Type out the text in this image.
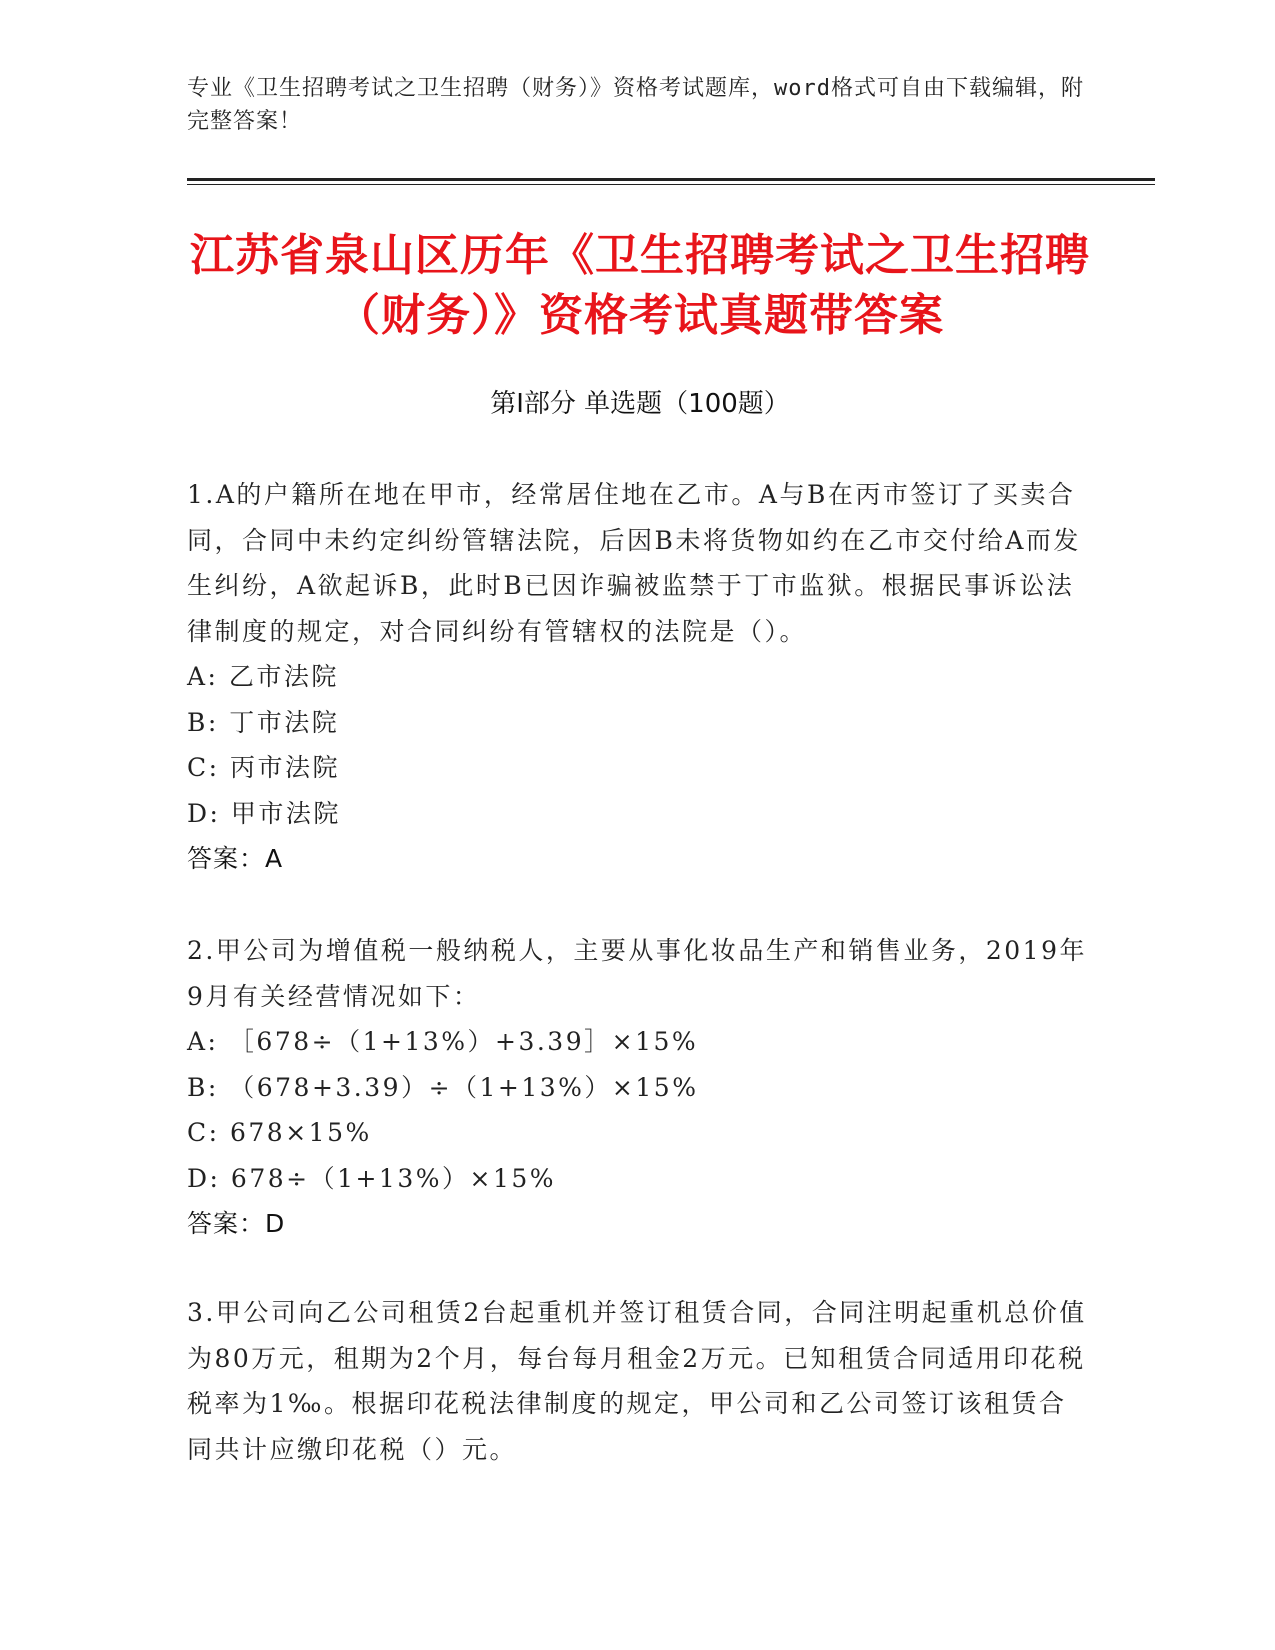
专业《卫生招聘考试之卫生招聘（财务）》资格考试题库，word格式可自由下载编辑，附完整答案！
江苏省泉山区历年《卫生招聘考试之卫生招聘（财务）》资格考试真题带答案
第Ⅰ部分 单选题（100题）

1.A的户籍所在地在甲市，经常居住地在乙市。A与B在丙市签订了买卖合同，合同中未约定纠纷管辖法院，后因B未将货物如约在乙市交付给A而发生纠纷，A欲起诉B，此时B已因诈骗被监禁于丁市监狱。根据民事诉讼法律制度的规定，对合同纠纷有管辖权的法院是（）。

A: 乙市法院

B: 丁市法院

C: 丙市法院

D: 甲市法院

答案：A

2.甲公司为增值税一般纳税人，主要从事化妆品生产和销售业务，2019年9月有关经营情况如下：

A: ［678÷（1+13%）+3.39］×15%

B: （678+3.39）÷（1+13%）×15%

C: 678×15%

D: 678÷（1+13%）×15%

答案：D

3.甲公司向乙公司租赁2台起重机并签订租赁合同，合同注明起重机总价值为80万元，租期为2个月，每台每月租金2万元。已知租赁合同适用印花税税率为1‰。根据印花税法律制度的规定，甲公司和乙公司签订该租赁合同共计应缴印花税（）元。
